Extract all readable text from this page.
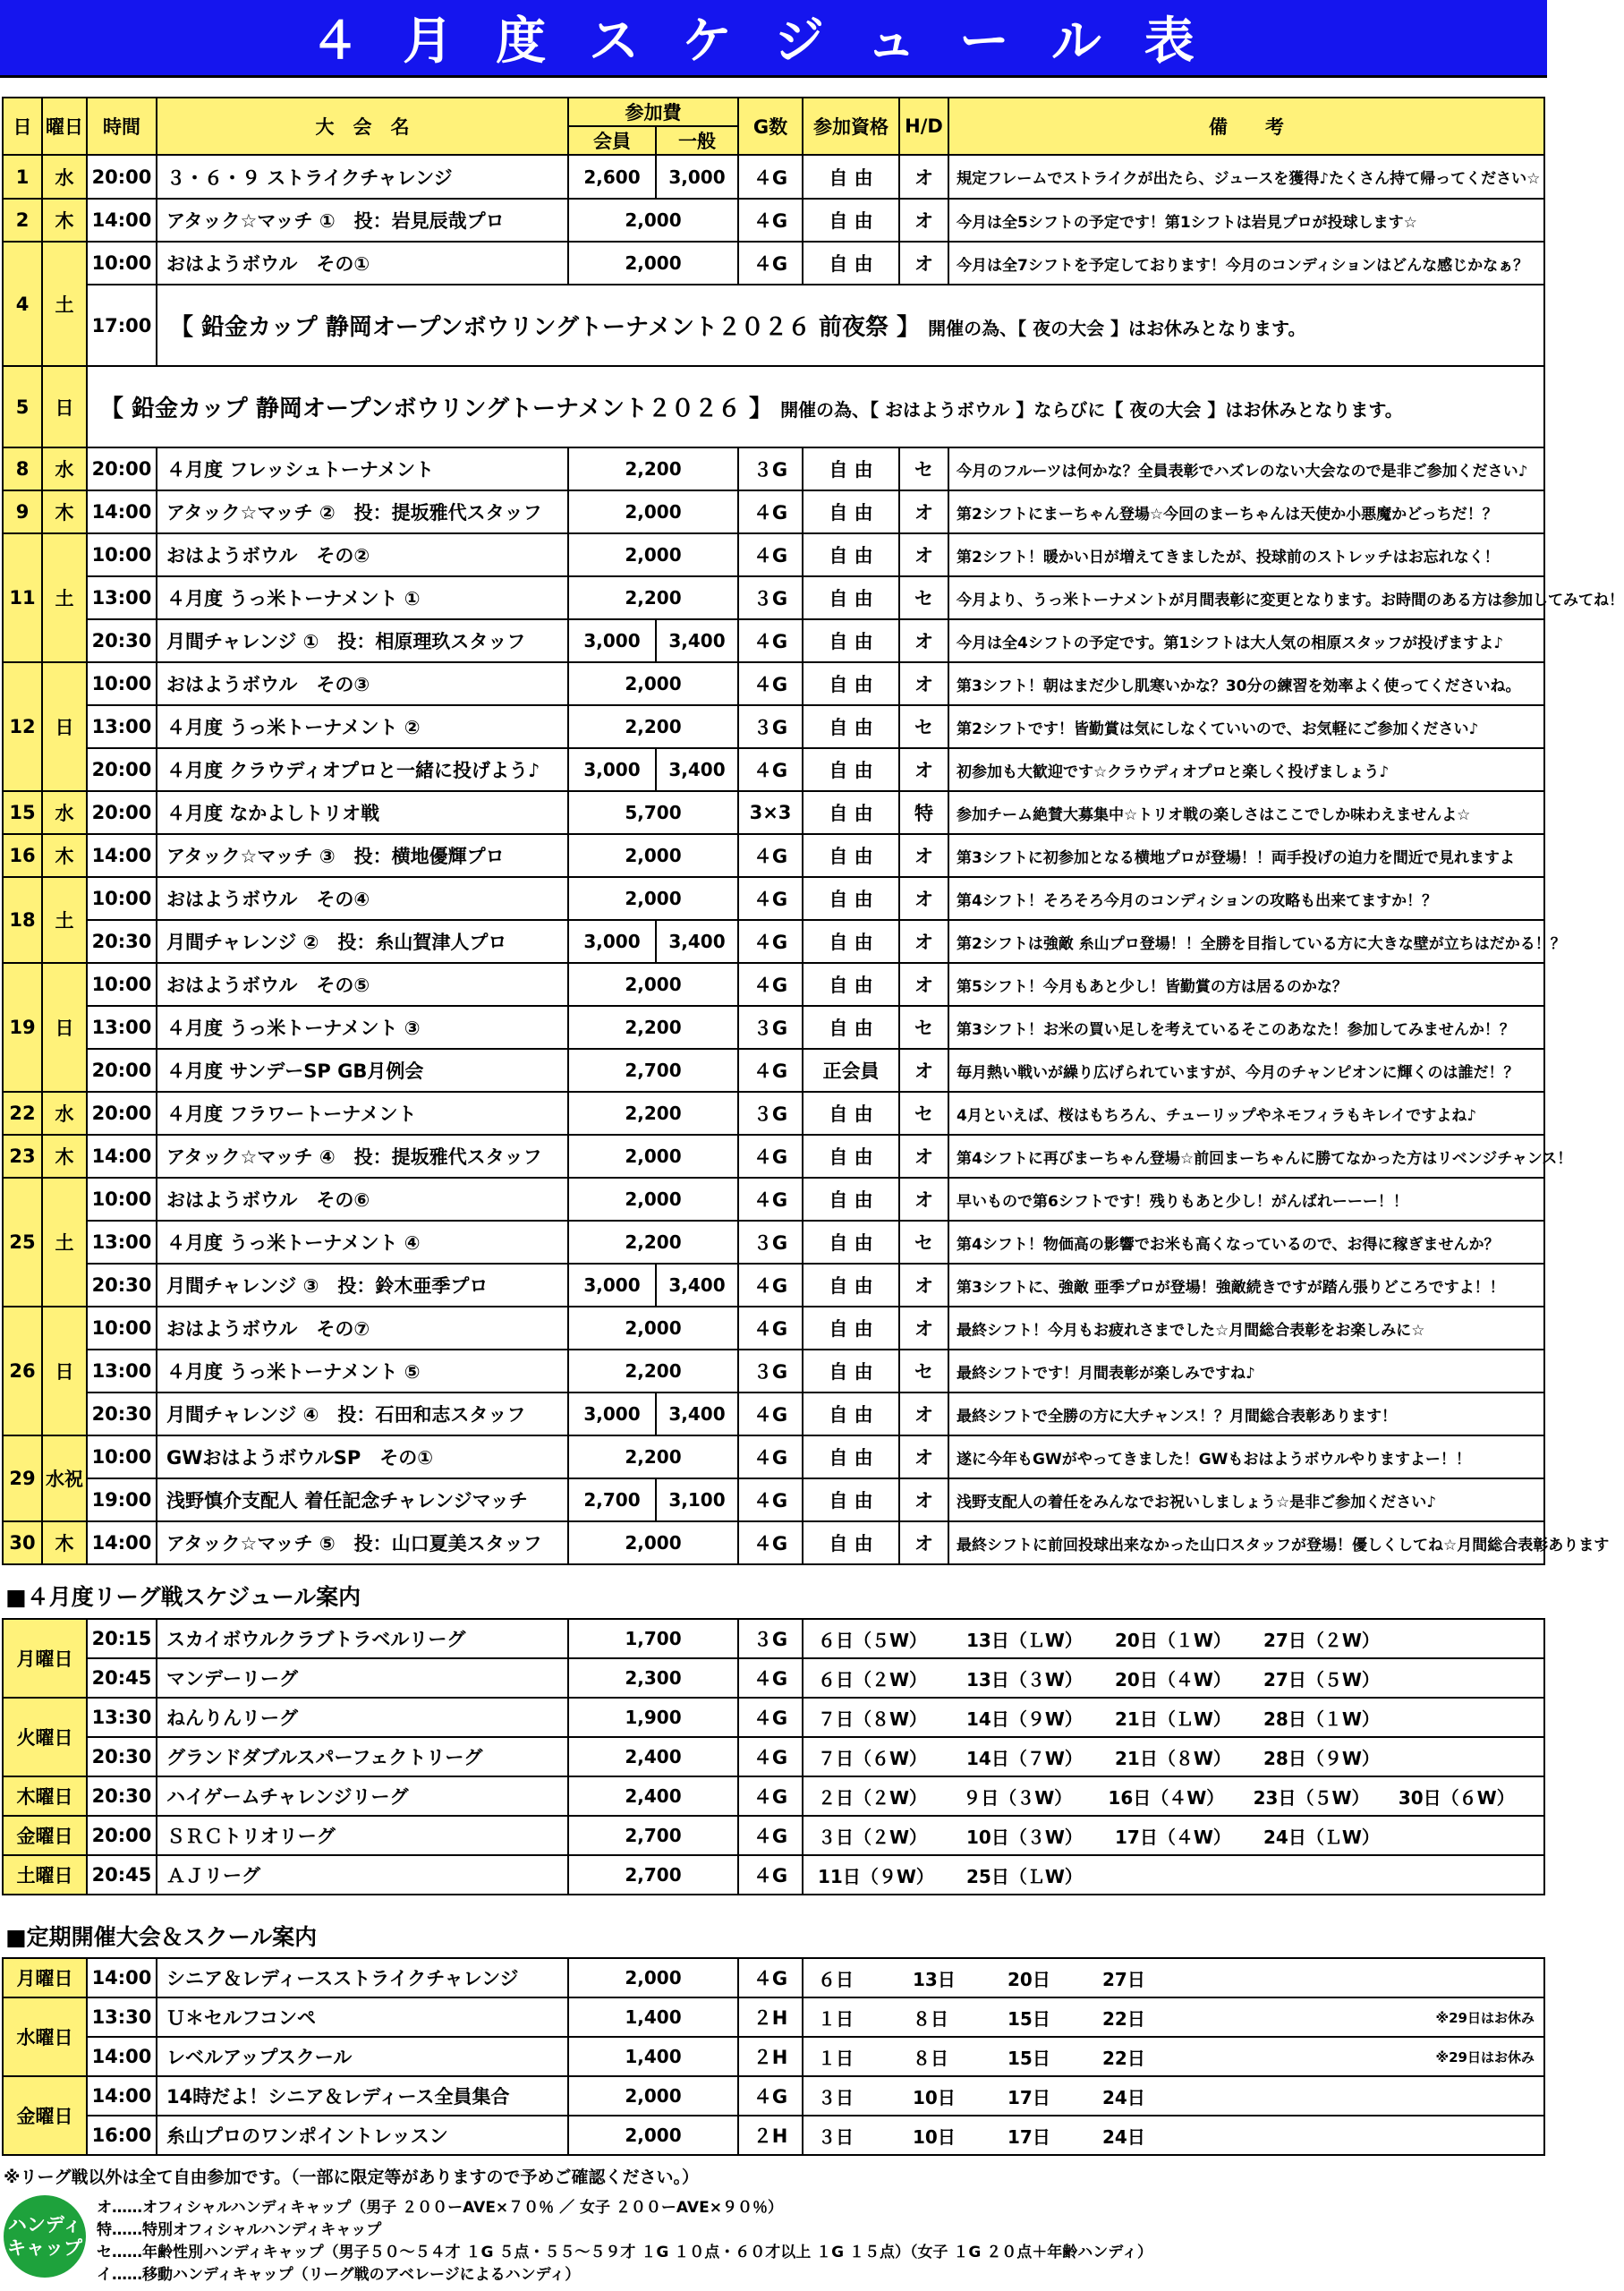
４月度スケジュール表
日	曜日	時間	大　会　名	参加費		G数	参加資格	H/D	備　　考
				会員	一般				
1	水	20:00	３・６・９ ストライクチャレンジ	2,600	3,000	４G	自 由	オ	規定フレームでストライクが出たら、ジュースを獲得♪たくさん持て帰ってください☆
2	木	14:00	アタック☆マッチ ①　投：岩見辰哉プロ	2,000		４G	自 由	オ	今月は全5シフトの予定です！第1シフトは岩見プロが投球します☆
4	土	10:00	おはようボウル　その①	2,000		４G	自 由	オ	今月は全7シフトを予定しております！今月のコンディションはどんな感じかなぁ？
		17:00	【 鉛金カップ 静岡オープンボウリングトーナメント２０２６ 前夜祭 】 開催の為、【 夜の大会 】はお休みとなります。						
5	日	【 鉛金カップ 静岡オープンボウリングトーナメント２０２６ 】 開催の為、【 おはようボウル 】ならびに【 夜の大会 】はお休みとなります。							
8	水	20:00	４月度 フレッシュトーナメント	2,200		３G	自 由	セ	今月のフルーツは何かな？全員表彰でハズレのない大会なので是非ご参加ください♪
9	木	14:00	アタック☆マッチ ②　投：提坂雅代スタッフ	2,000		４G	自 由	オ	第2シフトにまーちゃん登場☆今回のまーちゃんは天使か小悪魔かどっちだ！？
11	土	10:00	おはようボウル　その②	2,000		４G	自 由	オ	第2シフト！暖かい日が増えてきましたが、投球前のストレッチはお忘れなく！
		13:00	４月度 うっ米トーナメント ①	2,200		３G	自 由	セ	今月より、うっ米トーナメントが月間表彰に変更となります。お時間のある方は参加してみてね！
		20:30	月間チャレンジ ①　投：相原理玖スタッフ	3,000	3,400	４G	自 由	オ	今月は全4シフトの予定です。第1シフトは大人気の相原スタッフが投げますよ♪
12	日	10:00	おはようボウル　その③	2,000		４G	自 由	オ	第3シフト！朝はまだ少し肌寒いかな？30分の練習を効率よく使ってくださいね。
		13:00	４月度 うっ米トーナメント ②	2,200		３G	自 由	セ	第2シフトです！皆勤賞は気にしなくていいので、お気軽にご参加ください♪
		20:00	４月度 クラウディオプロと一緒に投げよう♪	3,000	3,400	４G	自 由	オ	初参加も大歓迎です☆クラウディオプロと楽しく投げましょう♪
15	水	20:00	４月度 なかよしトリオ戦	5,700		3×3	自 由	特	参加チーム絶賛大募集中☆トリオ戦の楽しさはここでしか味わえませんよ☆
16	木	14:00	アタック☆マッチ ③　投：横地優輝プロ	2,000		４G	自 由	オ	第3シフトに初参加となる横地プロが登場！！両手投げの迫力を間近で見れますよ
18	土	10:00	おはようボウル　その④	2,000		４G	自 由	オ	第4シフト！そろそろ今月のコンディションの攻略も出来てますか！？
		20:30	月間チャレンジ ②　投：糸山賀津人プロ	3,000	3,400	４G	自 由	オ	第2シフトは強敵 糸山プロ登場！！全勝を目指している方に大きな壁が立ちはだかる！？
19	日	10:00	おはようボウル　その⑤	2,000		４G	自 由	オ	第5シフト！今月もあと少し！皆勤賞の方は居るのかな？
		13:00	４月度 うっ米トーナメント ③	2,200		３G	自 由	セ	第3シフト！お米の買い足しを考えているそこのあなた！参加してみませんか！？
		20:00	４月度 サンデーSP GB月例会	2,700		４G	正会員	オ	毎月熱い戦いが繰り広げられていますが、今月のチャンピオンに輝くのは誰だ！？
22	水	20:00	４月度 フラワートーナメント	2,200		３G	自 由	セ	4月といえば、桜はもちろん、チューリップやネモフィラもキレイですよね♪
23	木	14:00	アタック☆マッチ ④　投：提坂雅代スタッフ	2,000		４G	自 由	オ	第4シフトに再びまーちゃん登場☆前回まーちゃんに勝てなかった方はリベンジチャンス！
25	土	10:00	おはようボウル　その⑥	2,000		４G	自 由	オ	早いもので第6シフトです！残りもあと少し！がんばれーーー！！
		13:00	４月度 うっ米トーナメント ④	2,200		３G	自 由	セ	第4シフト！物価高の影響でお米も高くなっているので、お得に稼ぎませんか？
		20:30	月間チャレンジ ③　投：鈴木亜季プロ	3,000	3,400	４G	自 由	オ	第3シフトに、強敵 亜季プロが登場！強敵続きですが踏ん張りどころですよ！！
26	日	10:00	おはようボウル　その⑦	2,000		４G	自 由	オ	最終シフト！今月もお疲れさまでした☆月間総合表彰をお楽しみに☆
		13:00	４月度 うっ米トーナメント ⑤	2,200		３G	自 由	セ	最終シフトです！月間表彰が楽しみですね♪
		20:30	月間チャレンジ ④　投：石田和志スタッフ	3,000	3,400	４G	自 由	オ	最終シフトで全勝の方に大チャンス！？月間総合表彰あります！
29	水祝	10:00	GWおはようボウルSP　その①	2,200		４G	自 由	オ	遂に今年もGWがやってきました！GWもおはようボウルやりますよー！！
		19:00	浅野慎介支配人 着任記念チャレンジマッチ	2,700	3,100	４G	自 由	オ	浅野支配人の着任をみんなでお祝いしましょう☆是非ご参加ください♪
30	木	14:00	アタック☆マッチ ⑤　投：山口夏美スタッフ	2,000		４G	自 由	オ	最終シフトに前回投球出来なかった山口スタッフが登場！優しくしてね☆月間総合表彰あります
■４月度リーグ戦スケジュール案内
月曜日	20:15	スカイボウルクラブトラベルリーグ	1,700	３G	６日（５W） 13日（ＬW） 20日（１W） 27日（２W）

	20:45	マンデーリーグ	2,300	４G	６日（２W） 13日（３W） 20日（４W） 27日（５W）

火曜日	13:30	ねんりんリーグ	1,900	４G	７日（８W） 14日（９W） 21日（ＬW） 28日（１W）

	20:30	グランドダブルスパーフェクトリーグ	2,400	４G	７日（６W） 14日（７W） 21日（８W） 28日（９W）

木曜日	20:30	ハイゲームチャレンジリーグ	2,400	４G	２日（２W） ９日（３W） 16日（４W） 23日（５W） 30日（６W）

金曜日	20:00	ＳＲＣトリオリーグ	2,700	４G	３日（２W） 10日（３W） 17日（４W） 24日（ＬW）

土曜日	20:45	ＡＪリーグ	2,700	４G	11日（９W） 25日（ＬW）
■定期開催大会＆スクール案内
月曜日	14:00	シニア＆レディースストライクチャレンジ	2,000	４G	６日 13日 20日 27日

水曜日	13:30	Ｕ＊セルフコンペ	1,400	２H	１日 ８日 15日 22日 ※29日はお休み

	14:00	レベルアップスクール	1,400	２H	１日 ８日 15日 22日 ※29日はお休み

金曜日	14:00	14時だよ！シニア＆レディース全員集合	2,000	４G	３日 10日 17日 24日

	16:00	糸山プロのワンポイントレッスン	2,000	２H	３日 10日 17日 24日
※リーグ戦以外は全て自由参加です。（一部に限定等がありますので予めご確認ください。）
ハンディ
キャップ
オ……オフィシャルハンディキャップ（男子 ２００ーAVE×７０％ ／ 女子 ２００ーAVE×９０％）
特……特別オフィシャルハンディキャップ
セ……年齢性別ハンディキャップ（男子５０～５４才 １G ５点・５５～５９才 １G １０点・６０才以上 １G １５点）（女子 １G ２０点＋年齢ハンディ）
イ……移動ハンディキャップ（リーグ戦のアベレージによるハンディ）
